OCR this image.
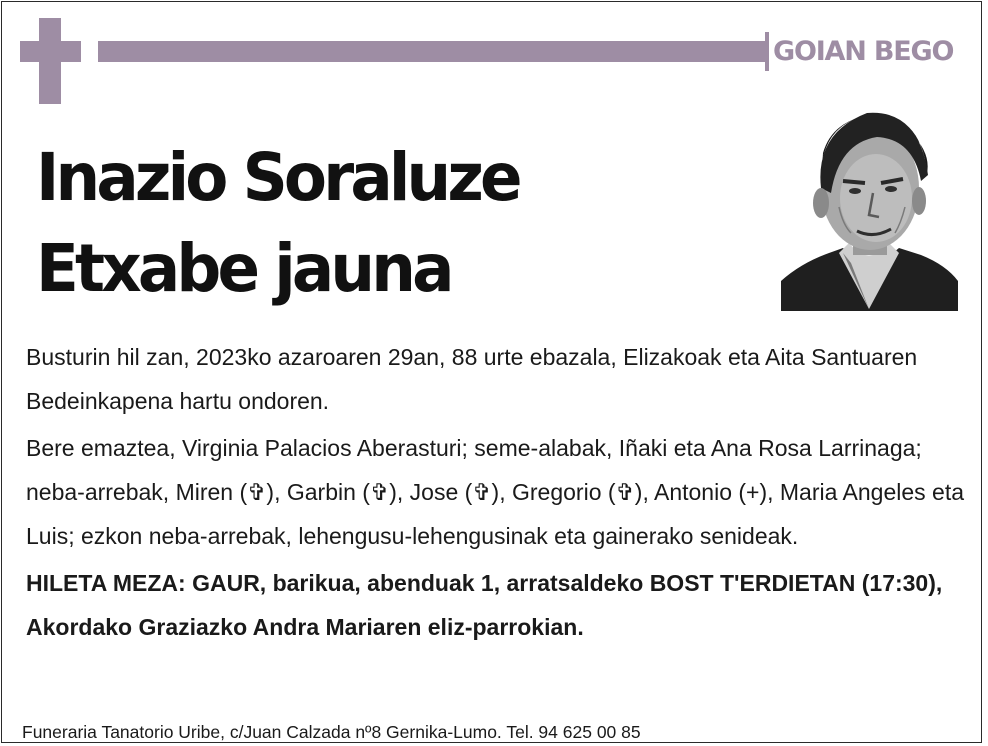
GOIAN BEGO
Inazio Soraluze
Etxabe jauna

Busturin hil zan, 2023ko azaroaren 29an, 88 urte ebazala, Elizakoak eta Aita Santuaren Bedeinkapena hartu ondoren.

Bere emaztea, Virginia Palacios Aberasturi; seme-alabak, Iñaki eta Ana Rosa Larrinaga; neba-arrebak, Miren (✞), Garbin (✞), Jose (✞), Gregorio (✞), Antonio (+), Maria Angeles eta Luis; ezkon neba-arrebak, lehengusu-lehengusinak eta gainerako senideak.

HILETA MEZA: GAUR, barikua, abenduak 1, arratsaldeko BOST T'ERDIETAN (17:30), Akordako Graziazko Andra Mariaren eliz-parrokian.

Funeraria Tanatorio Uribe, c/Juan Calzada nº8 Gernika-Lumo. Tel. 94 625 00 85
